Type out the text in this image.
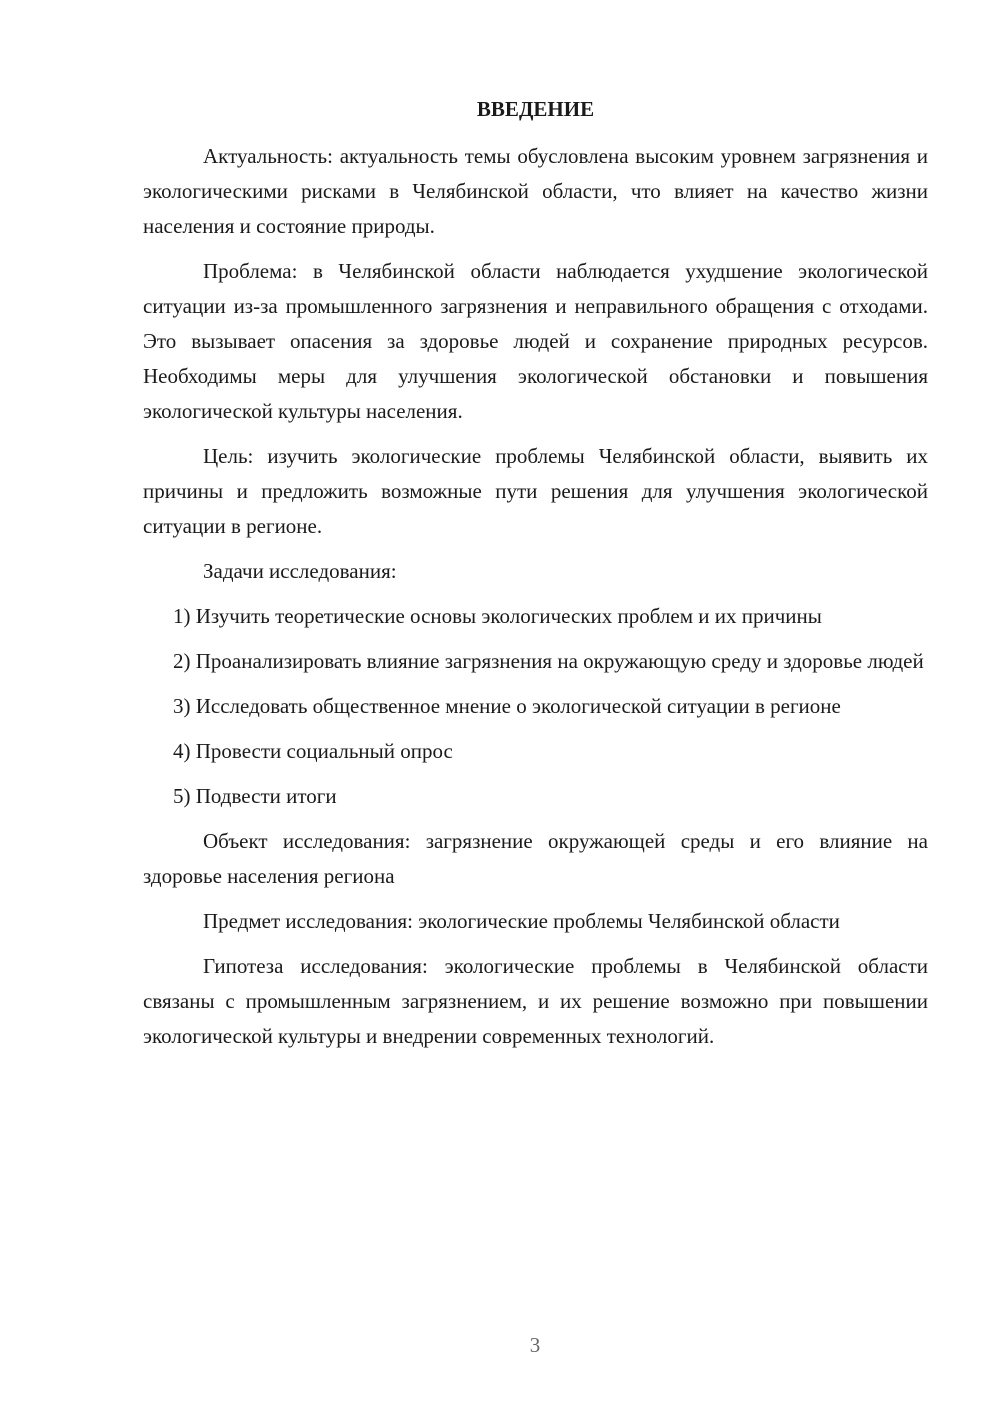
ВВЕДЕНИЕ

Актуальность: актуальность темы обусловлена высоким уровнем загрязнения и экологическими рисками в Челябинской области, что влияет на качество жизни населения и состояние природы.

Проблема: в Челябинской области наблюдается ухудшение экологической ситуации из-за промышленного загрязнения и неправильного обращения с отходами. Это вызывает опасения за здоровье людей и сохранение природных ресурсов. Необходимы меры для улучшения экологической обстановки и повышения экологической культуры населения.

Цель: изучить экологические проблемы Челябинской области, выявить их причины и предложить возможные пути решения для улучшения экологической ситуации в регионе.

Задачи исследования:

1) Изучить теоретические основы экологических проблем и их причины

2) Проанализировать влияние загрязнения на окружающую среду и здоровье людей

3) Исследовать общественное мнение о экологической ситуации в регионе

4) Провести социальный опрос

5) Подвести итоги

Объект исследования: загрязнение окружающей среды и его влияние на здоровье населения региона

Предмет исследования: экологические проблемы Челябинской области

Гипотеза исследования: экологические проблемы в Челябинской области связаны с промышленным загрязнением, и их решение возможно при повышении экологической культуры и внедрении современных технологий.

3
